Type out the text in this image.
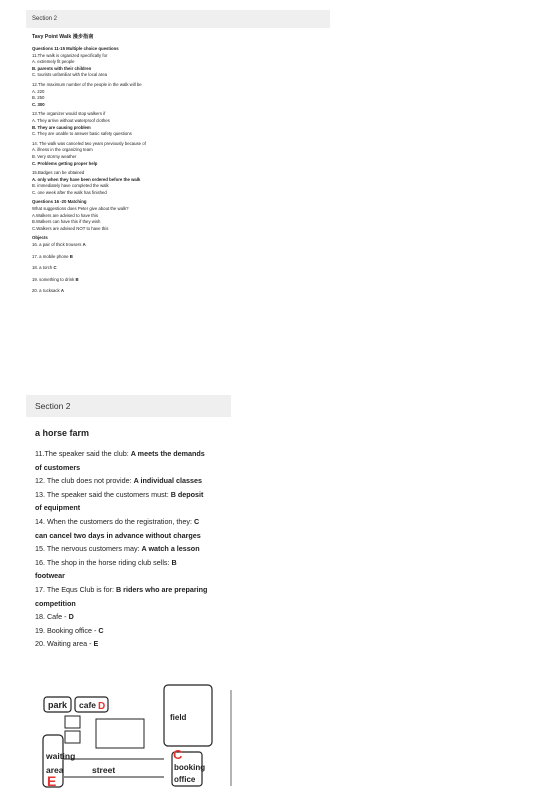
Section 2
Tavy Point Walk 漫步指南
Questions 11-15 Multiple choice questions
11.The walk is organized specifically for
A. extremely fit people
B. parents with their children
C. tourists unfamiliar with the local area
12.The maximum number of the people in the walk will be
A. 220
B. 250
C. 300
13.The organizer would stop walkers if
A. They arrive without waterproof clothes
B. They are causing problem
C. They are unable to answer basic safety questions
14. The walk was canceled two years previously because of
A. illness in the organizing team
B. Very stormy weather
C. Problems getting proper help
15.Badges can be obtained
A. only when they have been ordered before the walk
B. immediately have completed the walk
C. one week after the walk has finished
Questions 16 -20 Matching
What suggestions does Peter give about the walk?
A.Walkers are advised to have this
B.Walkers can have this if they wish
C.Walkers are advised NOT to have this
Objects
16. a pair of thick trousers A
17. a mobile phone B
18. a torch C
19. something to drink B
20. a rucksack A
Section 2
a horse farm
11.The speaker said the club: A meets the demands
of customers
12. The club does not provide: A individual classes
13. The speaker said the customers must: B deposit
of equipment
14. When the customers do the registration, they: C
can cancel two days in advance without charges
15. The nervous customers may: A watch a lesson
16. The shop in the horse riding club sells: B
footwear
17. The Equs Club is for: B riders who are preparing
competition
18. Cafe - D
19. Booking office - C
20. Waiting area - E
park cafe D
field
street
waiting
area
E
C
booking
office
